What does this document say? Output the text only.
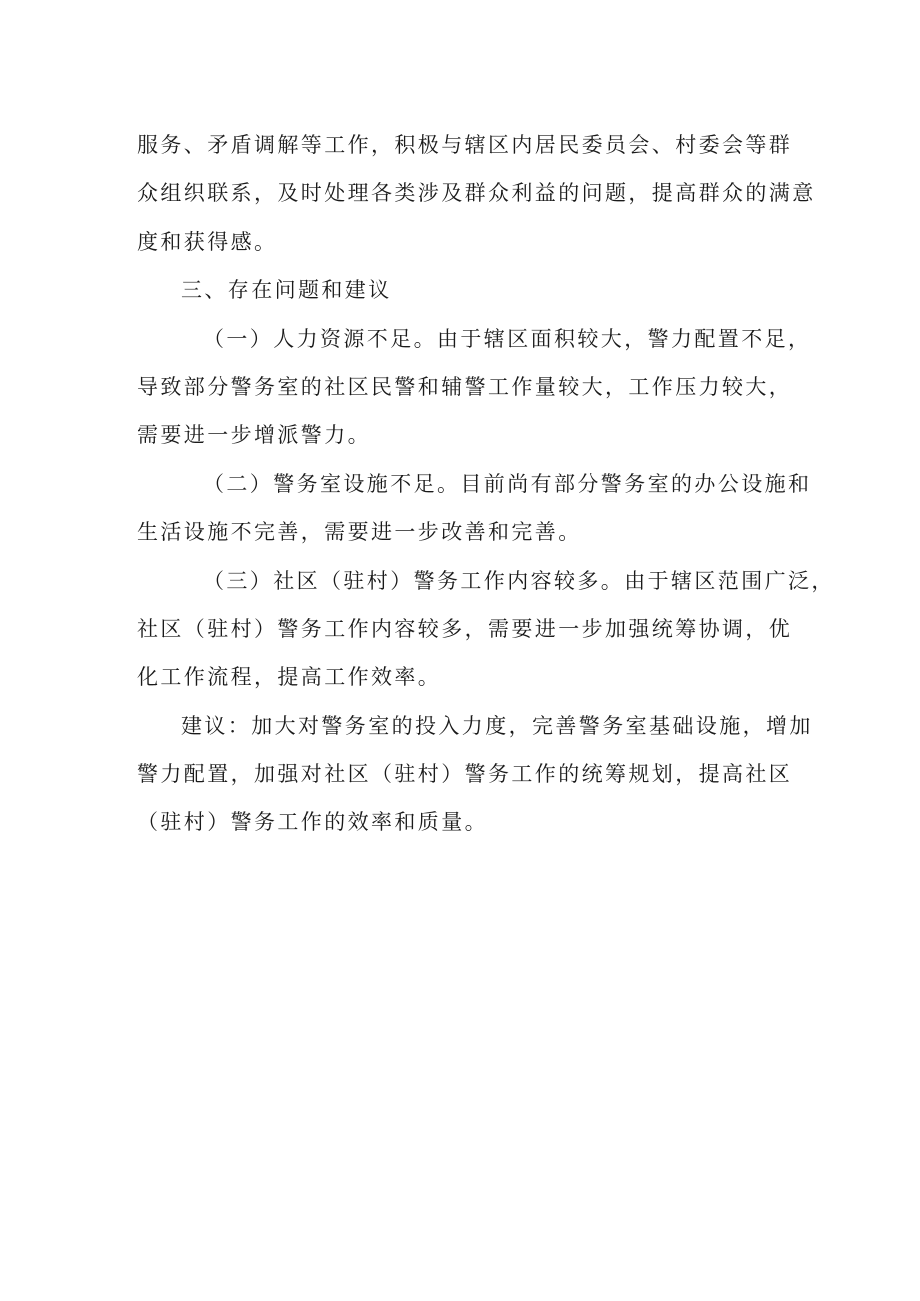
服务、矛盾调解等工作，积极与辖区内居民委员会、村委会等群
众组织联系，及时处理各类涉及群众利益的问题，提高群众的满意
度和获得感。
三、存在问题和建议
（一）人力资源不足。由于辖区面积较大，警力配置不足，
导致部分警务室的社区民警和辅警工作量较大，工作压力较大，
需要进一步增派警力。
（二）警务室设施不足。目前尚有部分警务室的办公设施和
生活设施不完善，需要进一步改善和完善。
（三）社区（驻村）警务工作内容较多。由于辖区范围广泛，
社区（驻村）警务工作内容较多，需要进一步加强统筹协调，优
化工作流程，提高工作效率。
建议：加大对警务室的投入力度，完善警务室基础设施，增加
警力配置，加强对社区（驻村）警务工作的统筹规划，提高社区
（驻村）警务工作的效率和质量。
